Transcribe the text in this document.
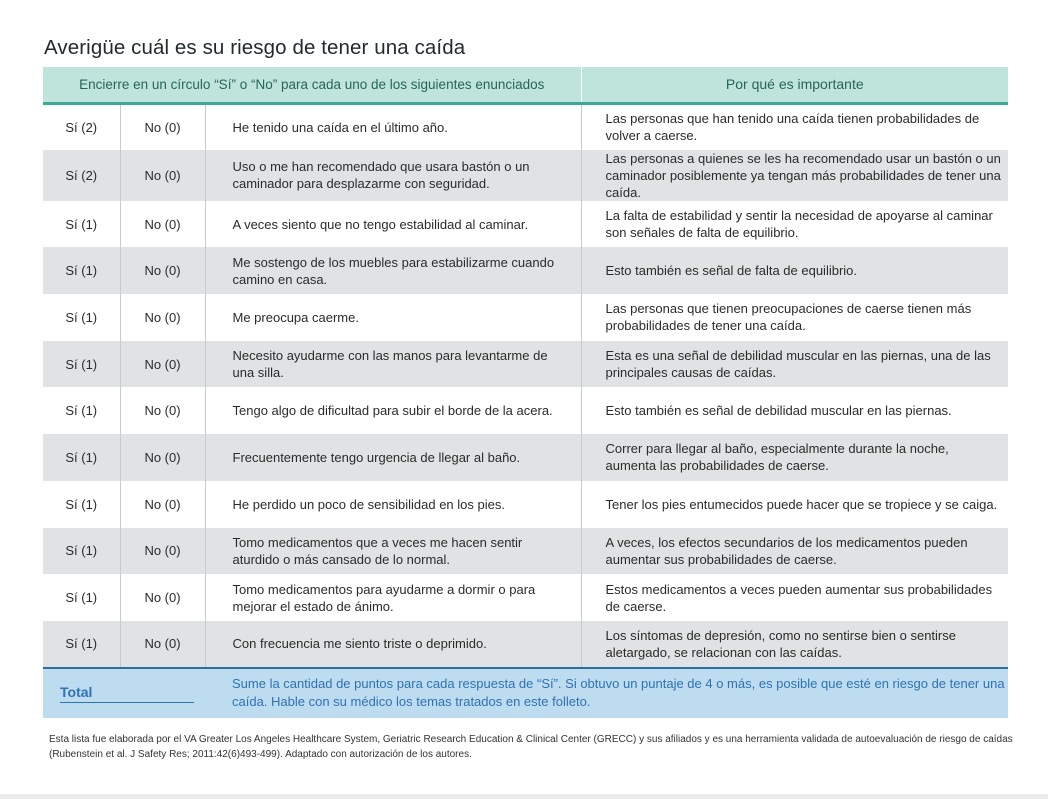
Averigüe cuál es su riesgo de tener una caída
Encierre en un círculo “Sí” o “No” para cada uno de los siguientes enunciados			Por qué es importante
Sí (2)	No (0)	He tenido una caída en el último año.	Las personas que han tenido una caída tienen probabilidades de volver a caerse.
Sí (2)	No (0)	Uso o me han recomendado que usara bastón o un caminador para desplazarme con seguridad.	Las personas a quienes se les ha recomendado usar un bastón o un caminador posiblemente ya tengan más probabilidades de tener una caída.
Sí (1)	No (0)	A veces siento que no tengo estabilidad al caminar.	La falta de estabilidad y sentir la necesidad de apoyarse al caminar son señales de falta de equilibrio.
Sí (1)	No (0)	Me sostengo de los muebles para estabilizarme cuando camino en casa.	Esto también es señal de falta de equilibrio.
Sí (1)	No (0)	Me preocupa caerme.	Las personas que tienen preocupaciones de caerse tienen más probabilidades de tener una caída.
Sí (1)	No (0)	Necesito ayudarme con las manos para levantarme de una silla.	Esta es una señal de debilidad muscular en las piernas, una de las principales causas de caídas.
Sí (1)	No (0)	Tengo algo de dificultad para subir el borde de la acera.	Esto también es señal de debilidad muscular en las piernas.
Sí (1)	No (0)	Frecuentemente tengo urgencia de llegar al baño.	Correr para llegar al baño, especialmente durante la noche, aumenta las probabilidades de caerse.
Sí (1)	No (0)	He perdido un poco de sensibilidad en los pies.	Tener los pies entumecidos puede hacer que se tropiece y se caiga.
Sí (1)	No (0)	Tomo medicamentos que a veces me hacen sentir aturdido o más cansado de lo normal.	A veces, los efectos secundarios de los medicamentos pueden aumentar sus probabilidades de caerse.
Sí (1)	No (0)	Tomo medicamentos para ayudarme a dormir o para mejorar el estado de ánimo.	Estos medicamentos a veces pueden aumentar sus probabilidades de caerse.
Sí (1)	No (0)	Con frecuencia me siento triste o deprimido.	Los síntomas de depresión, como no sentirse bien o sentirse aletargado, se relacionan con las caídas.
Total		Sume la cantidad de puntos para cada respuesta de “Sí”. Si obtuvo un puntaje de 4 o más, es posible que esté en riesgo de tener una caída. Hable con su médico los temas tratados en este folleto.	
Esta lista fue elaborada por el VA Greater Los Angeles Healthcare System, Geriatric Research Education & Clinical Center (GRECC) y sus afiliados y es una herramienta validada de autoevaluación de riesgo de caídas (Rubenstein et al. J Safety Res; 2011:42(6)493-499). Adaptado con autorización de los autores.
